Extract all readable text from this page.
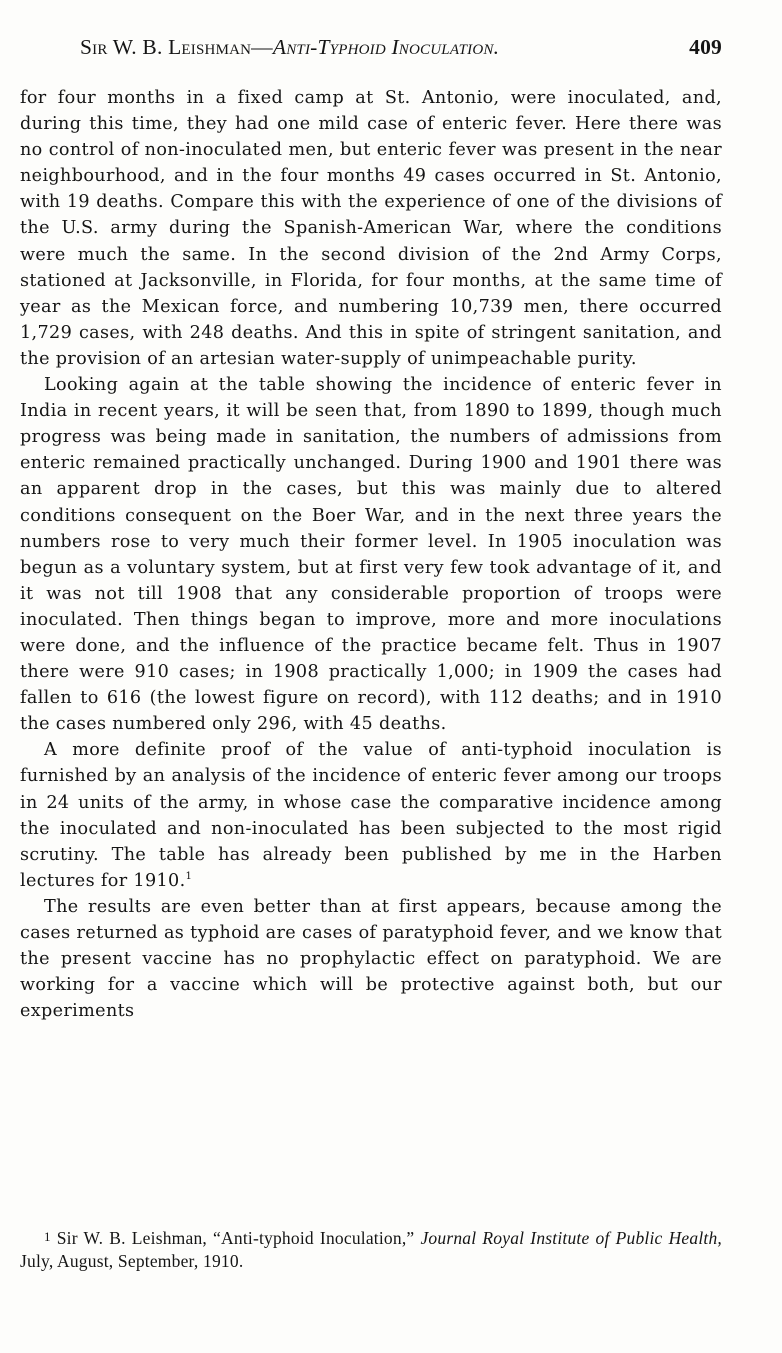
Sir W. B. Leishman—Anti-Typhoid Inoculation.	409

for four months in a fixed camp at St. Antonio, were inoculated, and, during this time, they had one mild case of enteric fever. Here there was no control of non-inoculated men, but enteric fever was present in the near neighbourhood, and in the four months 49 cases occurred in St. Antonio, with 19 deaths. Compare this with the experience of one of the divisions of the U.S. army during the Spanish-American War, where the conditions were much the same. In the second division of the 2nd Army Corps, stationed at Jacksonville, in Florida, for four months, at the same time of year as the Mexican force, and numbering 10,739 men, there occurred 1,729 cases, with 248 deaths. And this in spite of stringent sanitation, and the provision of an artesian water-supply of unimpeachable purity.

Looking again at the table showing the incidence of enteric fever in India in recent years, it will be seen that, from 1890 to 1899, though much progress was being made in sanitation, the numbers of admissions from enteric remained practically unchanged. During 1900 and 1901 there was an apparent drop in the cases, but this was mainly due to altered conditions consequent on the Boer War, and in the next three years the numbers rose to very much their former level. In 1905 inoculation was begun as a voluntary system, but at first very few took advantage of it, and it was not till 1908 that any considerable proportion of troops were inoculated. Then things began to improve, more and more inoculations were done, and the influence of the practice became felt. Thus in 1907 there were 910 cases; in 1908 practically 1,000; in 1909 the cases had fallen to 616 (the lowest figure on record), with 112 deaths; and in 1910 the cases numbered only 296, with 45 deaths.

A more definite proof of the value of anti-typhoid inoculation is furnished by an analysis of the incidence of enteric fever among our troops in 24 units of the army, in whose case the comparative incidence among the inoculated and non-inoculated has been subjected to the most rigid scrutiny. The table has already been published by me in the Harben lectures for 1910.$^1$

The results are even better than at first appears, because among the cases returned as typhoid are cases of paratyphoid fever, and we know that the present vaccine has no prophylactic effect on paratyphoid. We are working for a vaccine which will be protective against both, but our experiments

1 Sir W. B. Leishman, “Anti-typhoid Inoculation,” Journal Royal Institute of Public Health, July, August, September, 1910.
